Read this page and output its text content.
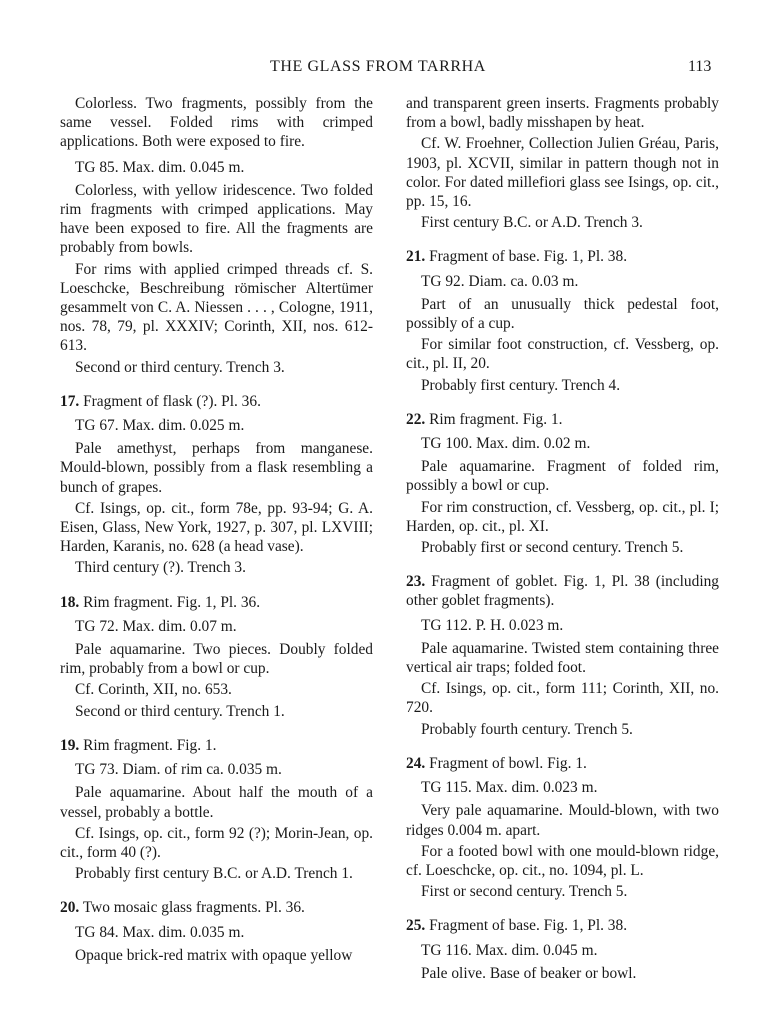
THE GLASS FROM TARRHA	113

Colorless. Two fragments, possibly from the same vessel. Folded rims with crimped applications. Both were exposed to fire.

TG 85. Max. dim. 0.045 m.

Colorless, with yellow iridescence. Two folded rim fragments with crimped applications. May have been exposed to fire. All the fragments are probably from bowls.

For rims with applied crimped threads cf. S. Loeschcke, Beschreibung römischer Altertümer gesammelt von C. A. Niessen . . . , Cologne, 1911, nos. 78, 79, pl. XXXIV; Corinth, XII, nos. 612-613.

Second or third century. Trench 3.

17. Fragment of flask (?). Pl. 36.

TG 67. Max. dim. 0.025 m.

Pale amethyst, perhaps from manganese. Mould-blown, possibly from a flask resembling a bunch of grapes.

Cf. Isings, op. cit., form 78e, pp. 93-94; G. A. Eisen, Glass, New York, 1927, p. 307, pl. LXVIII; Harden, Karanis, no. 628 (a head vase).

Third century (?). Trench 3.

18. Rim fragment. Fig. 1, Pl. 36.

TG 72. Max. dim. 0.07 m.

Pale aquamarine. Two pieces. Doubly folded rim, probably from a bowl or cup.

Cf. Corinth, XII, no. 653.

Second or third century. Trench 1.

19. Rim fragment. Fig. 1.

TG 73. Diam. of rim ca. 0.035 m.

Pale aquamarine. About half the mouth of a vessel, probably a bottle.

Cf. Isings, op. cit., form 92 (?); Morin-Jean, op. cit., form 40 (?).

Probably first century B.C. or A.D. Trench 1.

20. Two mosaic glass fragments. Pl. 36.

TG 84. Max. dim. 0.035 m.

Opaque brick-red matrix with opaque yellow

and transparent green inserts. Fragments probably from a bowl, badly misshapen by heat.

Cf. W. Froehner, Collection Julien Gréau, Paris, 1903, pl. XCVII, similar in pattern though not in color. For dated millefiori glass see Isings, op. cit., pp. 15, 16.

First century B.C. or A.D. Trench 3.

21. Fragment of base. Fig. 1, Pl. 38.

TG 92. Diam. ca. 0.03 m.

Part of an unusually thick pedestal foot, possibly of a cup.

For similar foot construction, cf. Vessberg, op. cit., pl. II, 20.

Probably first century. Trench 4.

22. Rim fragment. Fig. 1.

TG 100. Max. dim. 0.02 m.

Pale aquamarine. Fragment of folded rim, possibly a bowl or cup.

For rim construction, cf. Vessberg, op. cit., pl. I; Harden, op. cit., pl. XI.

Probably first or second century. Trench 5.

23. Fragment of goblet. Fig. 1, Pl. 38 (including other goblet fragments).

TG 112. P. H. 0.023 m.

Pale aquamarine. Twisted stem containing three vertical air traps; folded foot.

Cf. Isings, op. cit., form 111; Corinth, XII, no. 720.

Probably fourth century. Trench 5.

24. Fragment of bowl. Fig. 1.

TG 115. Max. dim. 0.023 m.

Very pale aquamarine. Mould-blown, with two ridges 0.004 m. apart.

For a footed bowl with one mould-blown ridge, cf. Loeschcke, op. cit., no. 1094, pl. L.

First or second century. Trench 5.

25. Fragment of base. Fig. 1, Pl. 38.

TG 116. Max. dim. 0.045 m.

Pale olive. Base of beaker or bowl.
